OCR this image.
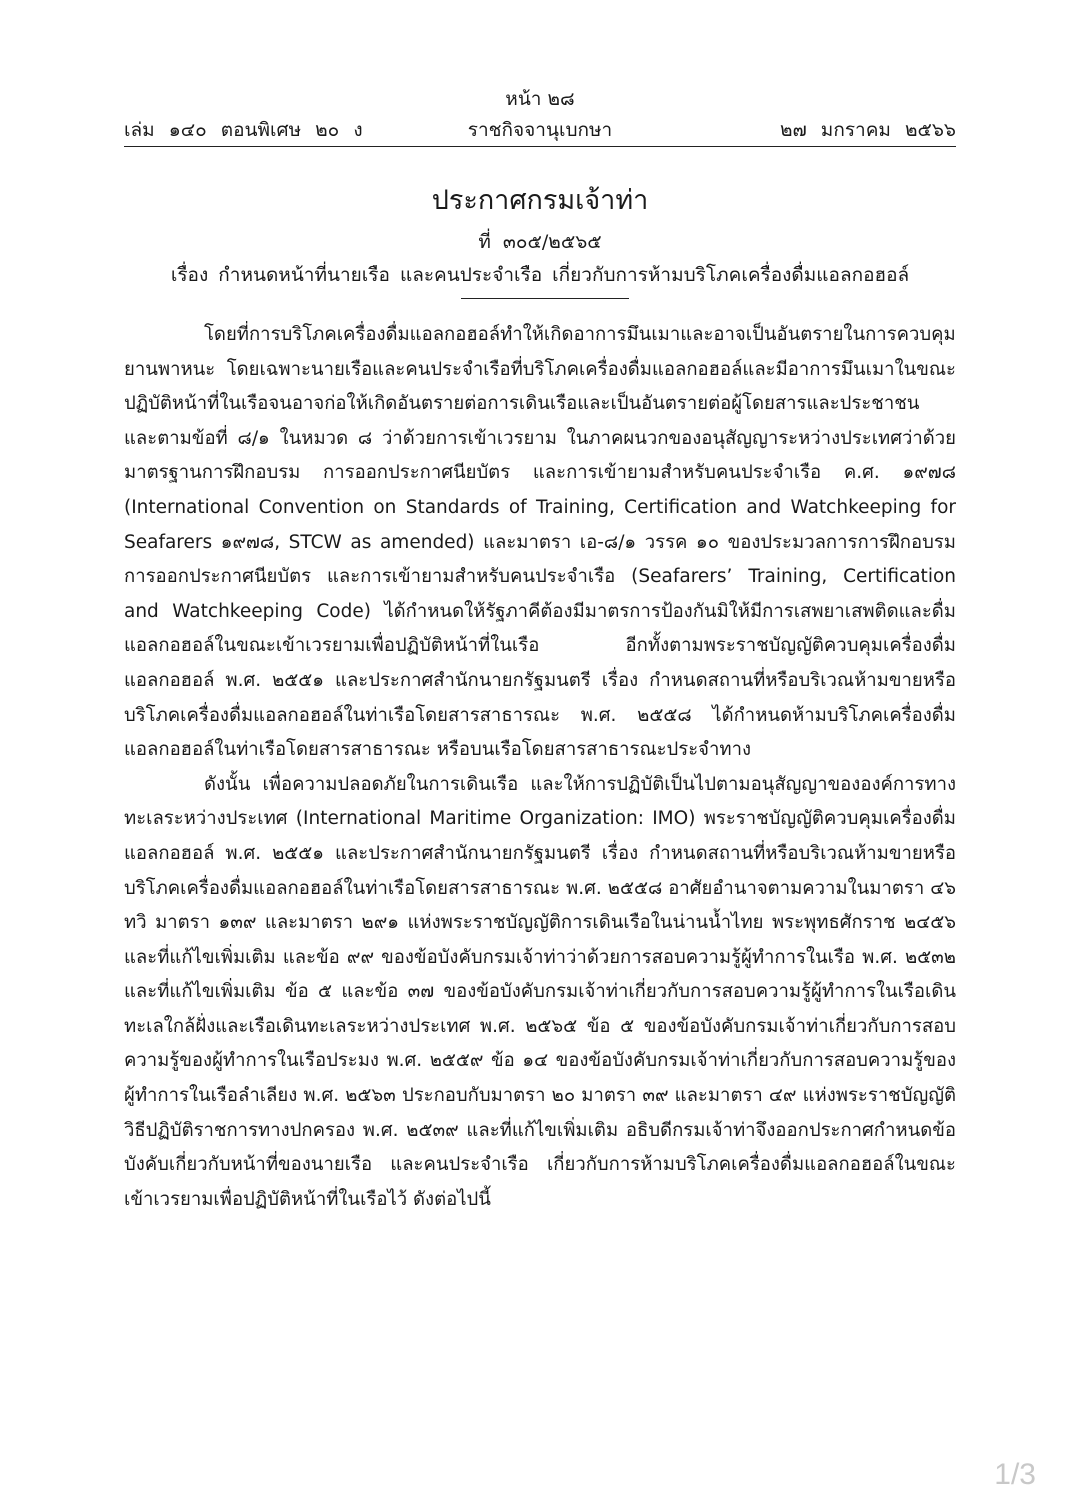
หน้า ๒๘
เล่ม ๑๔๐ ตอนพิเศษ ๒๐ ง	ราชกิจจานุเบกษา	๒๗ มกราคม ๒๕๖๖
ประกาศกรมเจ้าท่า
ที่ ๓๐๕/๒๕๖๕
เรื่อง กำหนดหน้าที่นายเรือ และคนประจำเรือ เกี่ยวกับการห้ามบริโภคเครื่องดื่มแอลกอฮอล์

โดยที่การบริโภคเครื่องดื่มแอลกอฮอล์ทำให้เกิดอาการมึนเมาและอาจเป็นอันตรายในการควบคุมยานพาหนะ โดยเฉพาะนายเรือและคนประจำเรือที่บริโภคเครื่องดื่มแอลกอฮอล์และมีอาการมึนเมาในขณะปฏิบัติหน้าที่ในเรือจนอาจก่อให้เกิดอันตรายต่อการเดินเรือและเป็นอันตรายต่อผู้โดยสารและประชาชน และตามข้อที่ ๘/๑ ในหมวด ๘ ว่าด้วยการเข้าเวรยาม ในภาคผนวกของอนุสัญญาระหว่างประเทศว่าด้วยมาตรฐานการฝึกอบรม การออกประกาศนียบัตร และการเข้ายามสำหรับคนประจำเรือ ค.ศ. ๑๙๗๘ (International Convention on Standards of Training, Certification and Watchkeeping for Seafarers ๑๙๗๘, STCW as amended) และมาตรา เอ-๘/๑ วรรค ๑๐ ของประมวลการการฝึกอบรม การออกประกาศนียบัตร และการเข้ายามสำหรับคนประจำเรือ (Seafarers’ Training, Certification and Watchkeeping Code) ได้กำหนดให้รัฐภาคีต้องมีมาตรการป้องกันมิให้มีการเสพยาเสพติดและดื่มแอลกอฮอล์ในขณะเข้าเวรยามเพื่อปฏิบัติหน้าที่ในเรือ อีกทั้งตามพระราชบัญญัติควบคุมเครื่องดื่มแอลกอฮอล์ พ.ศ. ๒๕๕๑ และประกาศสำนักนายกรัฐมนตรี เรื่อง กำหนดสถานที่หรือบริเวณห้ามขายหรือบริโภคเครื่องดื่มแอลกอฮอล์ในท่าเรือโดยสารสาธารณะ พ.ศ. ๒๕๕๘ ได้กำหนดห้ามบริโภคเครื่องดื่มแอลกอฮอล์ในท่าเรือโดยสารสาธารณะ หรือบนเรือโดยสารสาธารณะประจำทาง

ดังนั้น เพื่อความปลอดภัยในการเดินเรือ และให้การปฏิบัติเป็นไปตามอนุสัญญาขององค์การทางทะเลระหว่างประเทศ (International Maritime Organization: IMO) พระราชบัญญัติควบคุมเครื่องดื่มแอลกอฮอล์ พ.ศ. ๒๕๕๑ และประกาศสำนักนายกรัฐมนตรี เรื่อง กำหนดสถานที่หรือบริเวณห้ามขายหรือบริโภคเครื่องดื่มแอลกอฮอล์ในท่าเรือโดยสารสาธารณะ พ.ศ. ๒๕๕๘ อาศัยอำนาจตามความในมาตรา ๔๖ ทวิ มาตรา ๑๓๙ และมาตรา ๒๙๑ แห่งพระราชบัญญัติการเดินเรือในน่านน้ำไทย พระพุทธศักราช ๒๔๕๖ และที่แก้ไขเพิ่มเติม และข้อ ๙๙ ของข้อบังคับกรมเจ้าท่าว่าด้วยการสอบความรู้ผู้ทำการในเรือ พ.ศ. ๒๕๓๒ และที่แก้ไขเพิ่มเติม ข้อ ๕ และข้อ ๓๗ ของข้อบังคับกรมเจ้าท่าเกี่ยวกับการสอบความรู้ผู้ทำการในเรือเดินทะเลใกล้ฝั่งและเรือเดินทะเลระหว่างประเทศ พ.ศ. ๒๕๖๕ ข้อ ๕ ของข้อบังคับกรมเจ้าท่าเกี่ยวกับการสอบความรู้ของผู้ทำการในเรือประมง พ.ศ. ๒๕๕๙ ข้อ ๑๔ ของข้อบังคับกรมเจ้าท่าเกี่ยวกับการสอบความรู้ของผู้ทำการในเรือลำเลียง พ.ศ. ๒๕๖๓ ประกอบกับมาตรา ๒๐ มาตรา ๓๙ และมาตรา ๔๙ แห่งพระราชบัญญัติวิธีปฏิบัติราชการทางปกครอง พ.ศ. ๒๕๓๙ และที่แก้ไขเพิ่มเติม อธิบดีกรมเจ้าท่าจึงออกประกาศกำหนดข้อบังคับเกี่ยวกับหน้าที่ของนายเรือ และคนประจำเรือ เกี่ยวกับการห้ามบริโภคเครื่องดื่มแอลกอฮอล์ในขณะเข้าเวรยามเพื่อปฏิบัติหน้าที่ในเรือไว้ ดังต่อไปนี้

1/3
